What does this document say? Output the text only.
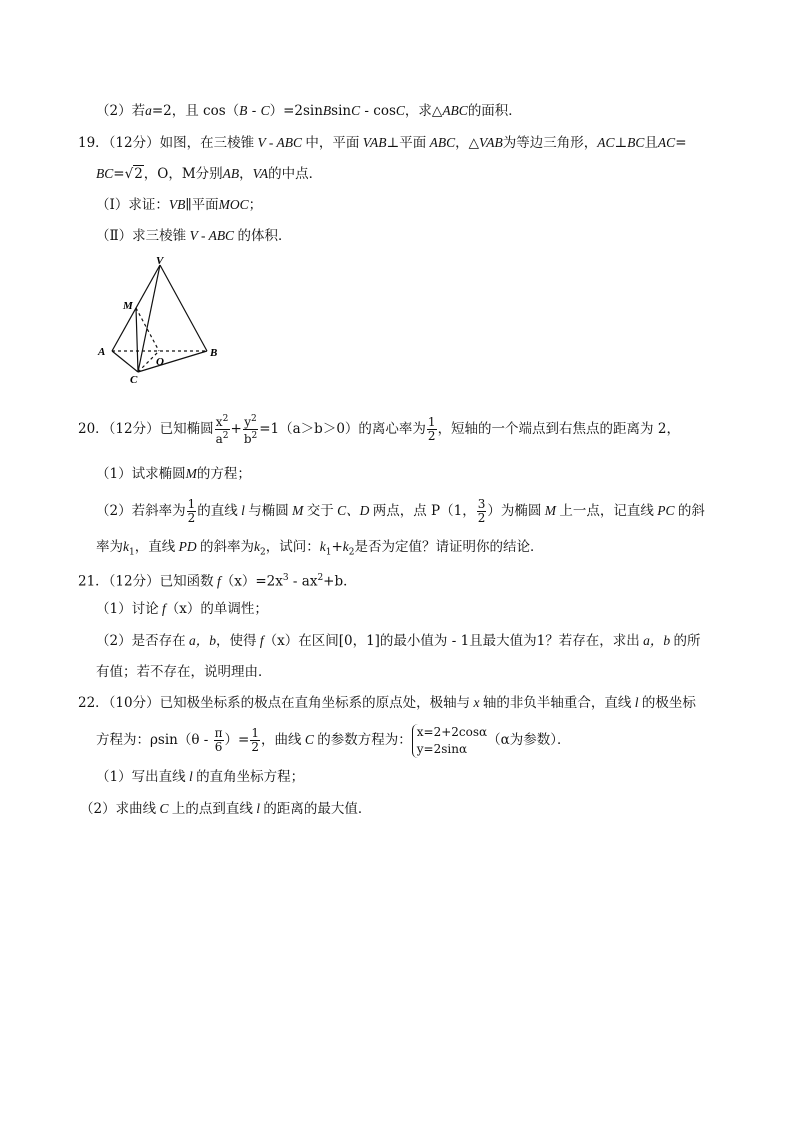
（2）若a=2，且 cos（B - C）=2sinBsinC - cosC，求△ABC的面积．
19．（12分）如图，在三棱锥 V - ABC 中，平面 VAB⊥平面 ABC，△VAB为等边三角形，AC⊥BC且AC=
BC=√2，O，M分别AB，VA的中点．
（Ⅰ）求证：VB∥平面MOC；
（Ⅱ）求三棱锥 V - ABC 的体积．
V
M
A
O
B
C
20．（12分）已知椭圆 $\frac{x^2}{a^2} + \frac{y^2}{b^2} =1(a>b>0)$的离心率为 $\frac{1}{2}$ ，短轴的一个端点到右焦点的距离为 2，
（1）试求椭圆M的方程；
（2）若斜率为 $\frac{1}{2}$ 的直线 l 与椭圆 M 交于 C、D 两点，点 P（1， $\frac{3}{2}$ ）为椭圆 M 上一点，记直线 PC 的斜
率为$k_1$，直线 PD 的斜率为$k_2$，试问：$k_1+k_2$是否为定值？请证明你的结论．
21．（12分）已知函数 $f(x)=2x^3 - ax^2+b$．
（1）讨论 f（x）的单调性；
（2）是否存在 a，b，使得 f（x）在区间[0，1]的最小值为 - 1且最大值为1？若存在，求出 a，b 的所
有值；若不存在，说明理由．
22．（10分）已知极坐标系的极点在直角坐标系的原点处，极轴与 x 轴的非负半轴重合，直线 l 的极坐标
方程为：$\rho\sin(\theta - \frac{\pi}{6}$ ）= $\frac{1}{2}$ ，曲线 C 的参数方程为：
x=2+2cosα
y=2sinα
（α为参数）．
（1）写出直线 l 的直角坐标方程；
（2）求曲线 C 上的点到直线 l 的距离的最大值．
